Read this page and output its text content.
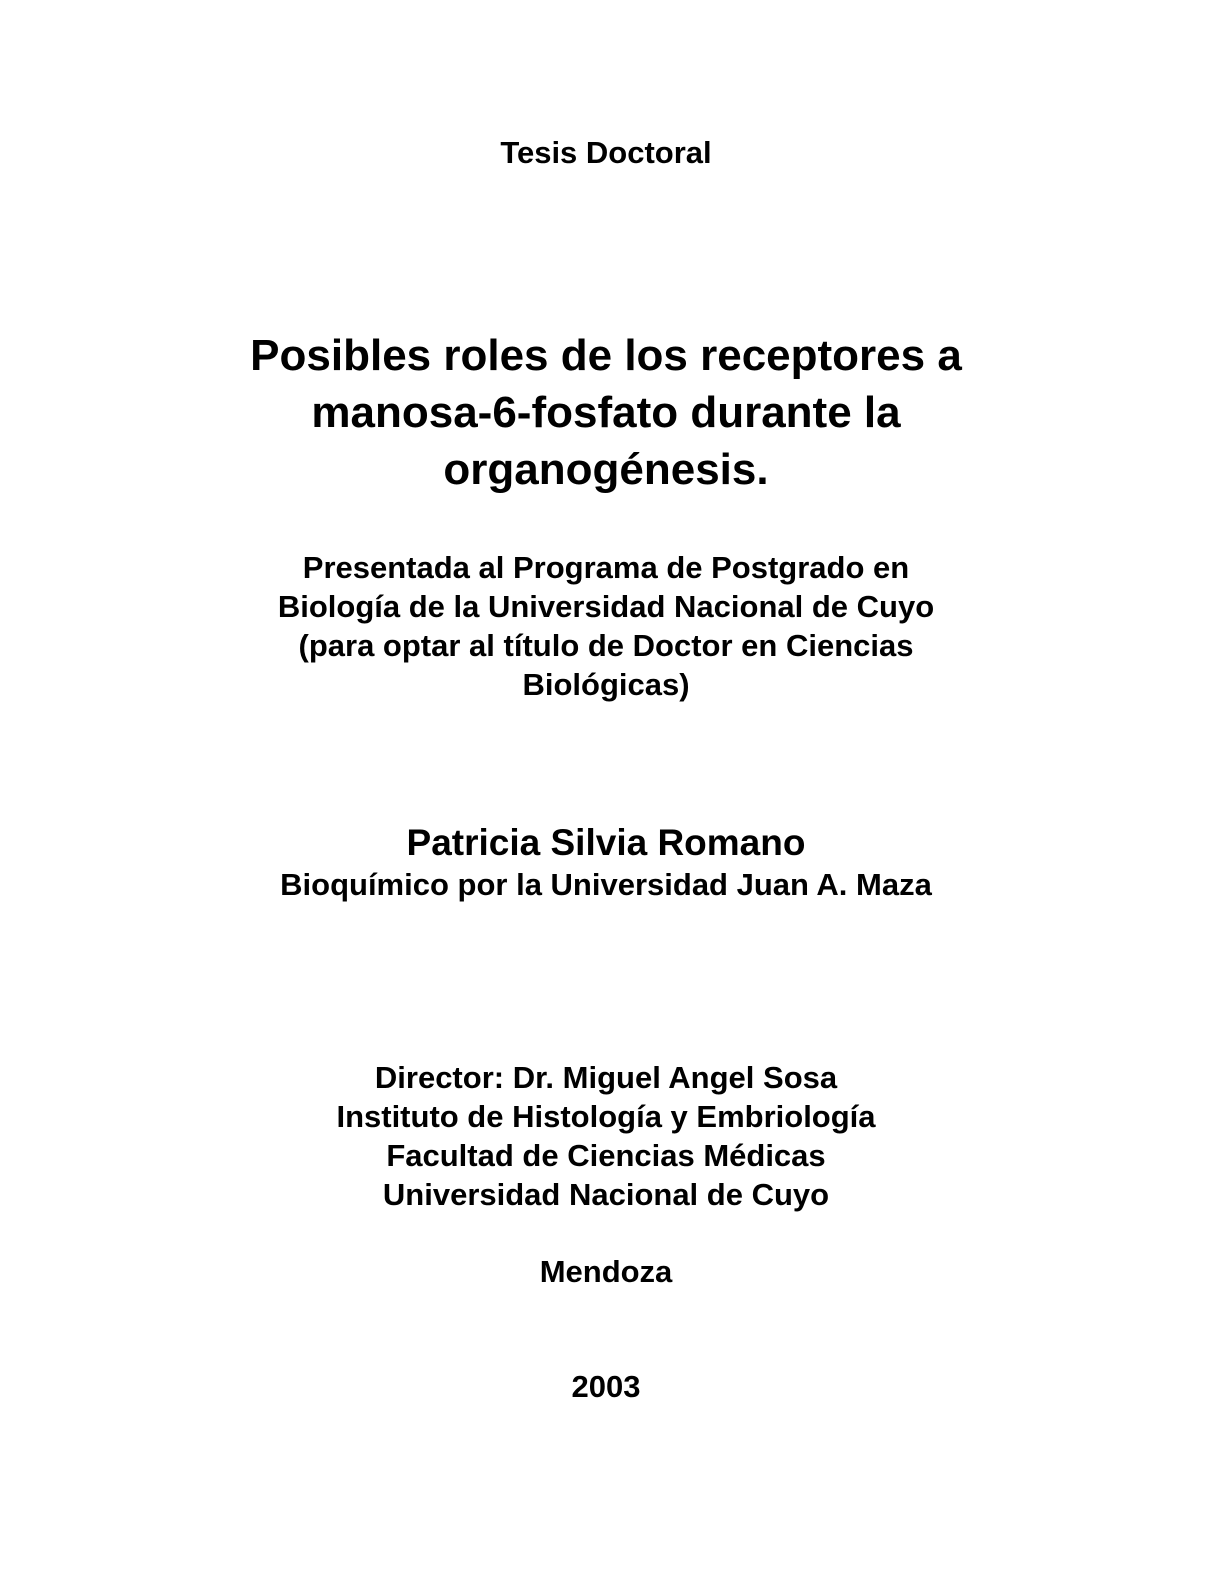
Tesis Doctoral
Posibles roles de los receptores a
manosa-6-fosfato durante la
organogénesis.
Presentada al Programa de Postgrado en
Biología de la Universidad Nacional de Cuyo
(para optar al título de Doctor en Ciencias
Biológicas)
Patricia Silvia Romano
Bioquímico por la Universidad Juan A. Maza
Director: Dr. Miguel Angel Sosa
Instituto de Histología y Embriología
Facultad de Ciencias Médicas
Universidad Nacional de Cuyo
Mendoza
2003
